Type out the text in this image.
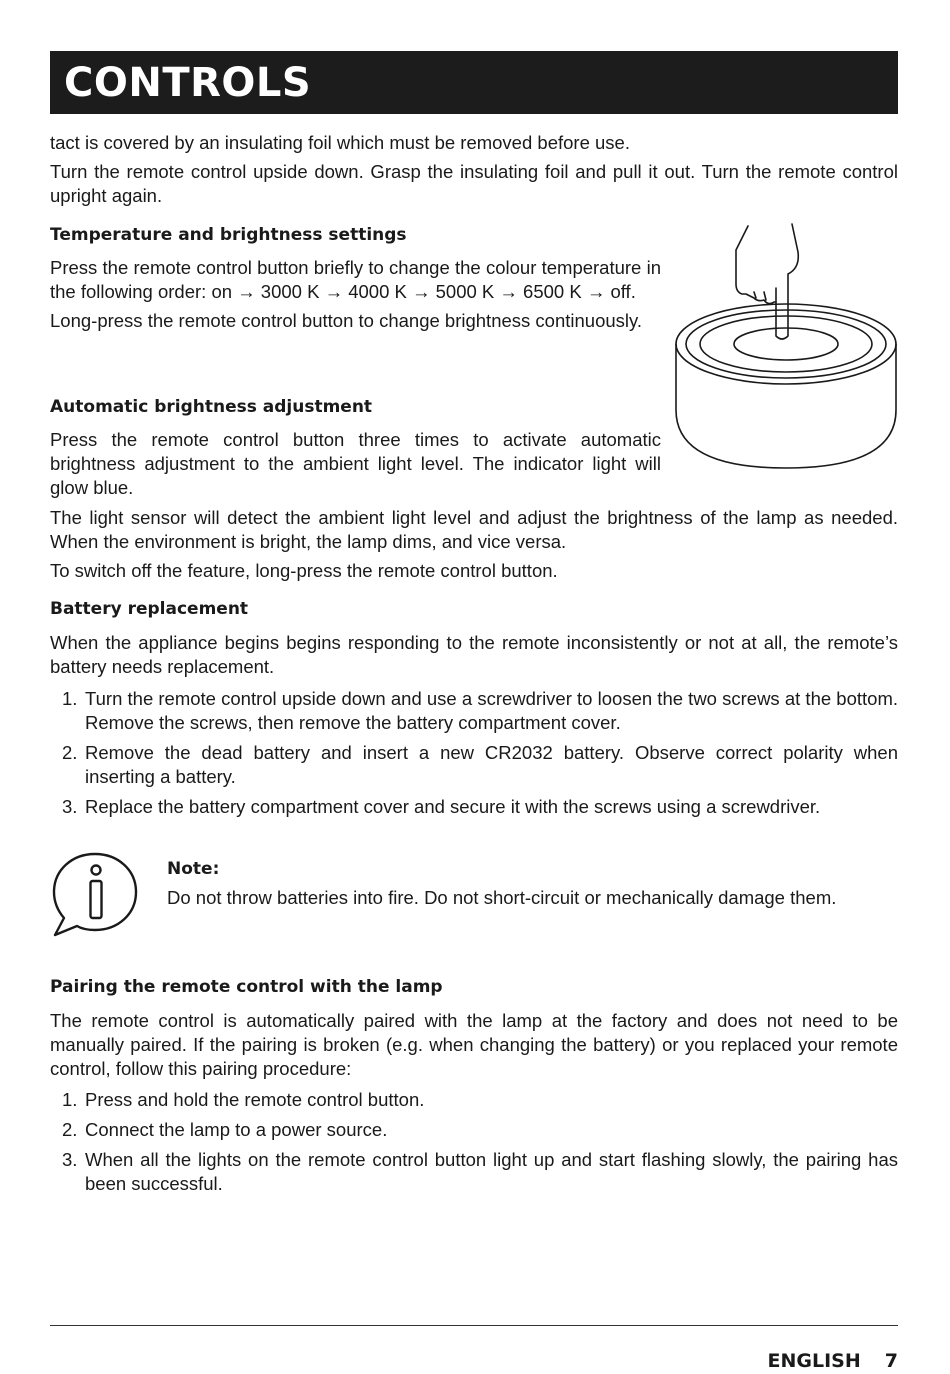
CONTROLS

tact is covered by an insulating foil which must be removed before use.

Turn the remote control upside down. Grasp the insulating foil and pull it out. Turn the remote control upright again.

Temperature and brightness settings

Press the remote control button briefly to change the colour temperature in the following order: on → 3000 K → 4000 K → 5000 K → 6500 K → off.

Long-press the remote control button to change brightness continuously.

Automatic brightness adjustment

Press the remote control button three times to activate automatic brightness adjustment to the ambient light level. The indicator light will glow blue.

The light sensor will detect the ambient light level and adjust the brightness of the lamp as needed. When the environment is bright, the lamp dims, and vice versa.

To switch off the feature, long-press the remote control button.

Battery replacement

When the appliance begins begins responding to the remote inconsistently or not at all, the remote’s battery needs replacement.

1. Turn the remote control upside down and use a screwdriver to loosen the two screws at the bottom. Remove the screws, then remove the battery compartment cover.
2. Remove the dead battery and insert a new CR2032 battery. Observe correct polarity when inserting a battery.
3. Replace the battery compartment cover and secure it with the screws using a screwdriver.
Note:

Do not throw batteries into fire. Do not short-circuit or mechanically damage them.

Pairing the remote control with the lamp

The remote control is automatically paired with the lamp at the factory and does not need to be manually paired. If the pairing is broken (e.g. when changing the battery) or you replaced your remote control, follow this pairing procedure:

1. Press and hold the remote control button.
2. Connect the lamp to a power source.
3. When all the lights on the remote control button light up and start flashing slowly, the pairing has been successful.
ENGLISH 7
